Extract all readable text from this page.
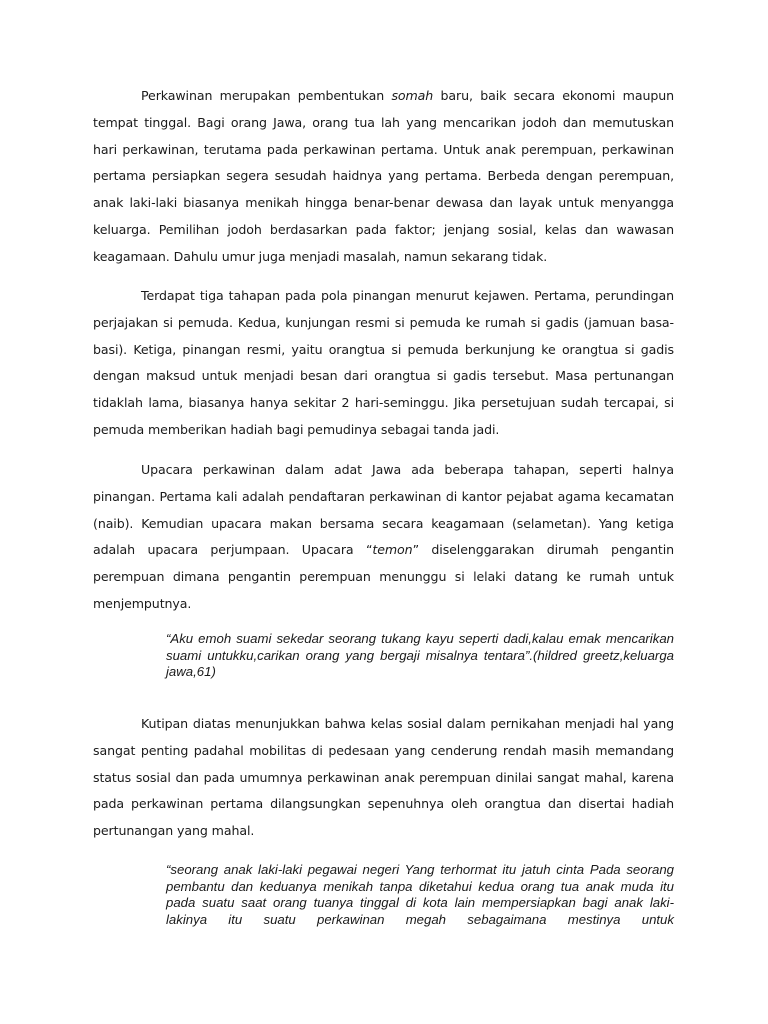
Perkawinan merupakan pembentukan somah baru, baik secara ekonomi maupun tempat tinggal. Bagi orang Jawa, orang tua lah yang mencarikan jodoh dan memutuskan hari perkawinan, terutama pada perkawinan pertama. Untuk anak perempuan, perkawinan pertama persiapkan segera sesudah haidnya yang pertama. Berbeda dengan perempuan, anak laki-laki biasanya menikah hingga benar-benar dewasa dan layak untuk menyangga keluarga. Pemilihan jodoh berdasarkan pada faktor; jenjang sosial, kelas dan wawasan keagamaan. Dahulu umur juga menjadi masalah, namun sekarang tidak.

Terdapat tiga tahapan pada pola pinangan menurut kejawen. Pertama, perundingan perjajakan si pemuda. Kedua, kunjungan resmi si pemuda ke rumah si gadis (jamuan basa-basi). Ketiga, pinangan resmi, yaitu orangtua si pemuda berkunjung ke orangtua si gadis dengan maksud untuk menjadi besan dari orangtua si gadis tersebut. Masa pertunangan tidaklah lama, biasanya hanya sekitar 2 hari-seminggu. Jika persetujuan sudah tercapai, si pemuda memberikan hadiah bagi pemudinya sebagai tanda jadi.

Upacara perkawinan dalam adat Jawa ada beberapa tahapan, seperti halnya pinangan. Pertama kali adalah pendaftaran perkawinan di kantor pejabat agama kecamatan (naib). Kemudian upacara makan bersama secara keagamaan (selametan). Yang ketiga adalah upacara perjumpaan. Upacara “temon” diselenggarakan dirumah pengantin perempuan dimana pengantin perempuan menunggu si lelaki datang ke rumah untuk menjemputnya.

“Aku emoh suami sekedar seorang tukang kayu seperti dadi,kalau emak mencarikan suami untukku,carikan orang yang bergaji misalnya tentara”.(hildred greetz,keluarga jawa,61)

Kutipan diatas menunjukkan bahwa kelas sosial dalam pernikahan menjadi hal yang sangat penting padahal mobilitas di pedesaan yang cenderung rendah masih memandang status sosial dan pada umumnya perkawinan anak perempuan dinilai sangat mahal, karena pada perkawinan pertama dilangsungkan sepenuhnya oleh orangtua dan disertai hadiah pertunangan yang mahal.

“seorang anak laki-laki pegawai negeri Yang terhormat itu jatuh cinta Pada seorang pembantu dan keduanya menikah tanpa diketahui kedua orang tua anak muda itu pada suatu saat orang tuanya tinggal di kota lain mempersiapkan bagi anak laki-lakinya itu suatu perkawinan megah sebagaimana mestinya untuk
